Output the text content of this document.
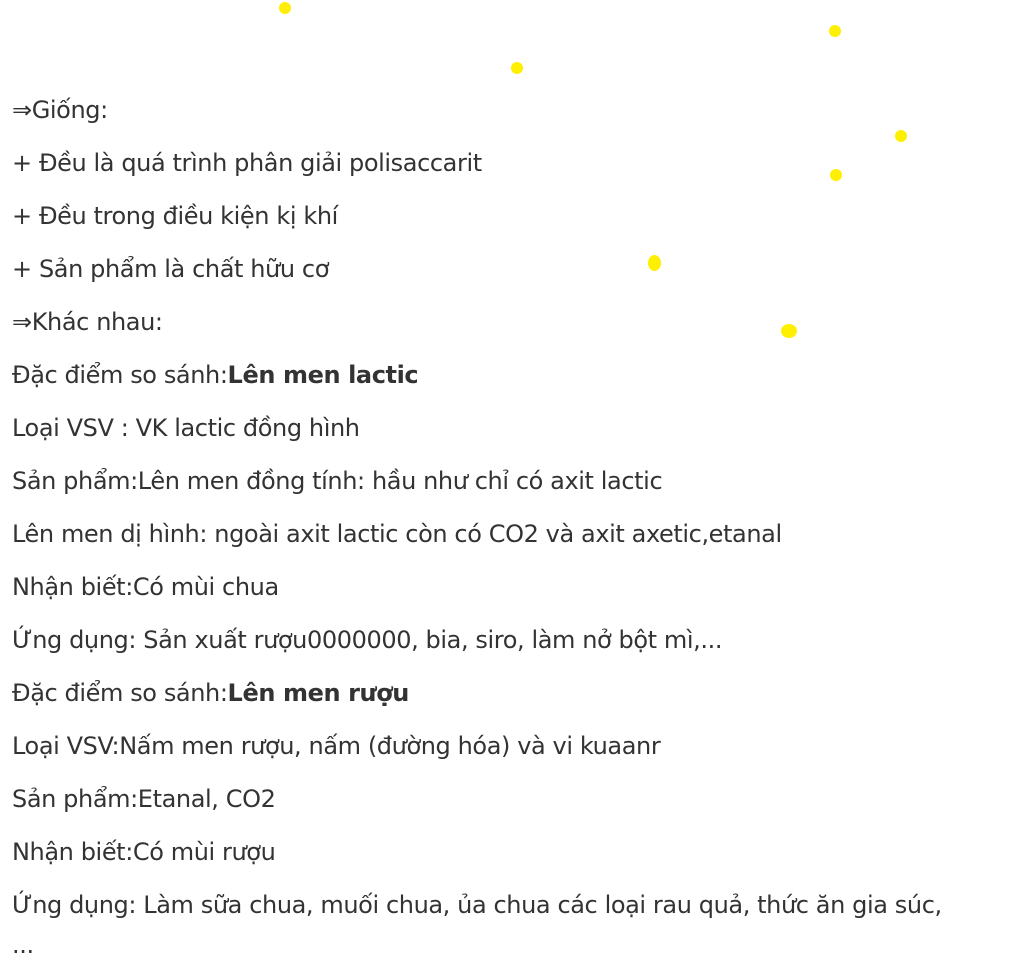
⇒Giống:
+ Đều là quá trình phân giải polisaccarit
+ Đều trong điều kiện kị khí
+ Sản phẩm là chất hữu cơ
⇒Khác nhau:
Đặc điểm so sánh:Lên men lactic
Loại VSV : VK lactic đồng hình
Sản phẩm:Lên men đồng tính: hầu như chỉ có axit lactic
Lên men dị hình: ngoài axit lactic còn có CO2 và axit axetic,etanal
Nhận biết:Có mùi chua
Ứng dụng: Sản xuất rượu0000000, bia, siro, làm nở bột mì,...
Đặc điểm so sánh:Lên men rượu
Loại VSV:Nấm men rượu, nấm (đường hóa) và vi kuaanr
Sản phẩm:Etanal, CO2
Nhận biết:Có mùi rượu
Ứng dụng: Làm sữa chua, muối chua, ủa chua các loại rau quả, thức ăn gia súc,
...
